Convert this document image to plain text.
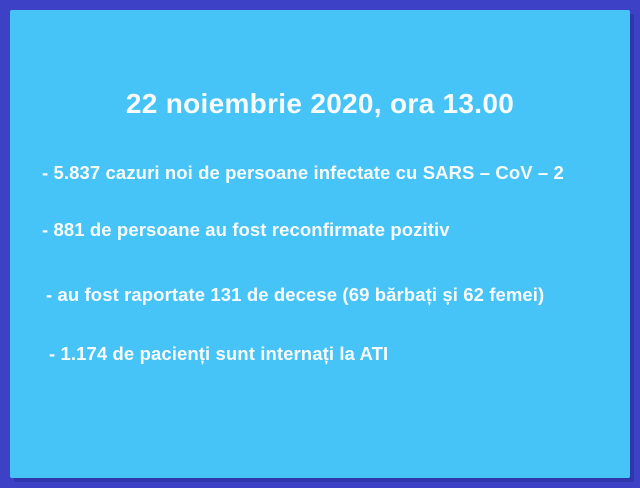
22 noiembrie 2020, ora 13.00
- 5.837 cazuri noi de persoane infectate cu SARS – CoV – 2
- 881 de persoane au fost reconfirmate pozitiv
- au fost raportate 131 de decese (69 bărbați și 62 femei)
- 1.174 de pacienți sunt internați la ATI
